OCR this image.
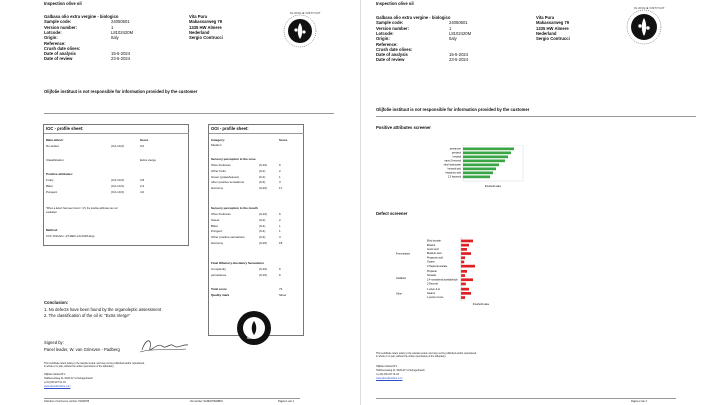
Inspection olive oil
Galbasa olio extra vergine - biologico
Sample code:	24050601
Version number:	1
Lotcode:	L8102420M
Origin:	Italy
Reference:
Crush date olives:
Date of analysis	15-5-2024
Date of review	23-5-2024
Vita Pura
Makassarweg 79
1335 HW Almere
Nederland
Sergio Contrucci
OLIJFOLIE INSTITUUT
Olijfolie instituut is not responsible for information provided by the customer
IOC - profile sheet:
Main defect:	Score
No defect	(0,0-10,0)	0,0
Classification:	Extra vierge
Positive attributes:
Fruity	(0,0-10,0)	3,8
Bitter	(0,0-10,0)	2,2
Pungent	(0,0-10,0)	4,0
*When a defect has been found > 3,5, the positive attributes are not evaluated.
Method:
COI-T20-Doc.-15-REV-10-2018-Eng
OOI - profile sheet:
Category:	Score
Medium
Sensory perception in the nose
Olive fruitiness	(0-10)	6
Other fruits	(0-2)	2
Green (grass/leaves)	(0-2)	1
other positive sensations	(0-3)	3
Harmony	(0-20)	17
Sensory perception in the mouth
Olive fruitiness	(0-10)	6
Sweet	(0-2)	2
Bitter	(0-4)	1
Pungent	(0-4)	1
Other positive sensations	(0-3)	3
Harmony	(0-20)	18
Final Olfactory-Gustatory Sensations
Complexity	(0-10)	6
persistence	(0-10)	6
Total score	73
Quality mark	Silver
Conclusion:
1. No defects have been found by the organoleptic assessment
2. The classification of the oil is: "Extra Vierge"
Signed by:
Panel leader, W. van Grinsven - Padberg
SILVER
This certificate refers solely to the sample tested, and may not be published and/or reproduced,
in whole or in part, without the written permission of the laboratory.
Olijfolie instituut B.V.
Heiltheuvelweg 11, 5222 AV 's-Hertogenbosch
(+31) 030 227 01 04
www.oliveoilinstitute.com
Chamber of commerce number: 81942765	Vat number: NL862279918B01	Pagina 1 van 2
Inspection olive oil
Galbasa olio extra vergine - biologico
Sample code:	24050601
Version number:	1
Lotcode:	L8102420M
Origin:	Italy
Reference:
Crush date olives:
Date of analysis	15-5-2024
Date of review	23-5-2024
Vita Pura
Makassarweg 79
1335 HW Almere
Nederland
Sergio Contrucci
OLIJFOLIE INSTITUUT
Olijfolie instituut is not responsible for information provided by the customer
Positive attributes screener
pentanone
pentanol
hexanal
trans-2-hexenal
ethyl isobutyrate
hexanal acid
heptanoic acid
2,3 heptenol
threshold value
Defect screener
Ethyl acetate
Ethanol
Acetic acid
Butanoic acid
Propanoic acid
Octane
2-Heptenal acetate
Fermentation
Propanal
Nonanal
2,4-nonadienal acetaldehyde
2-Decenal
Oxidation
1-octen-3-ol
butanol
1-penten-3-one
Other
threshold value
This certificate refers solely to the sample tested, and may not be published and/or reproduced,
in whole or in part, without the written permission of the laboratory.
Olijfolie instituut B.V.
Heiltheuvelweg 11, 5222 AV 's-Hertogenbosch
t (+31) 030 227 01 04
www.oliveoilinstitute.com
Pagina 2 van 2
